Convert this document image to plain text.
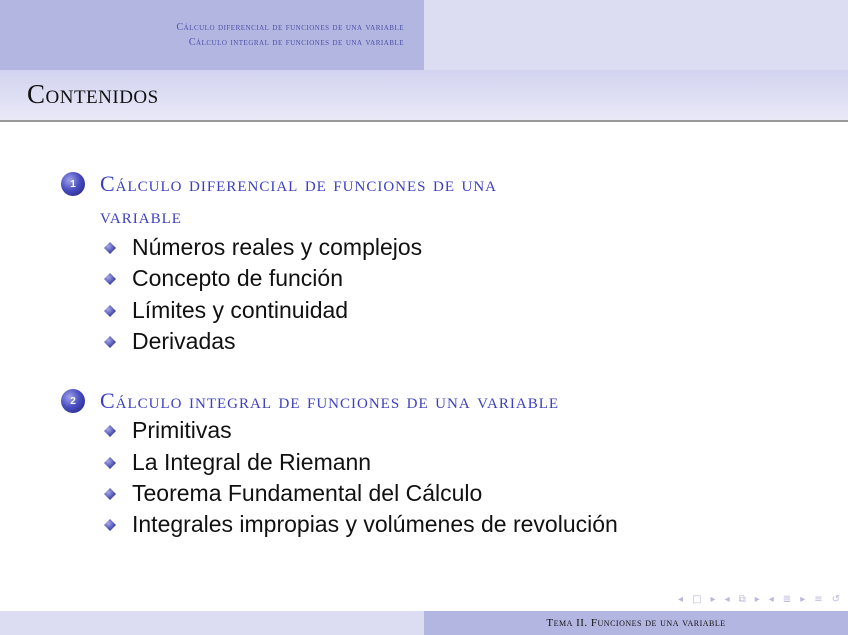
Cálculo diferencial de funciones de una variable
Cálculo integral de funciones de una variable
Contenidos
1	Cálculo diferencial de funciones de una
variable
Números reales y complejos
Concepto de función
Límites y continuidad
Derivadas
2	Cálculo integral de funciones de una variable
Primitivas
La Integral de Riemann
Teorema Fundamental del Cálculo
Integrales impropias y volúmenes de revolución
◂ □ ▸ ◂ ⧉ ▸ ◂ ≣ ▸ ≡ ↺
Tema II. Funciones de una variable
